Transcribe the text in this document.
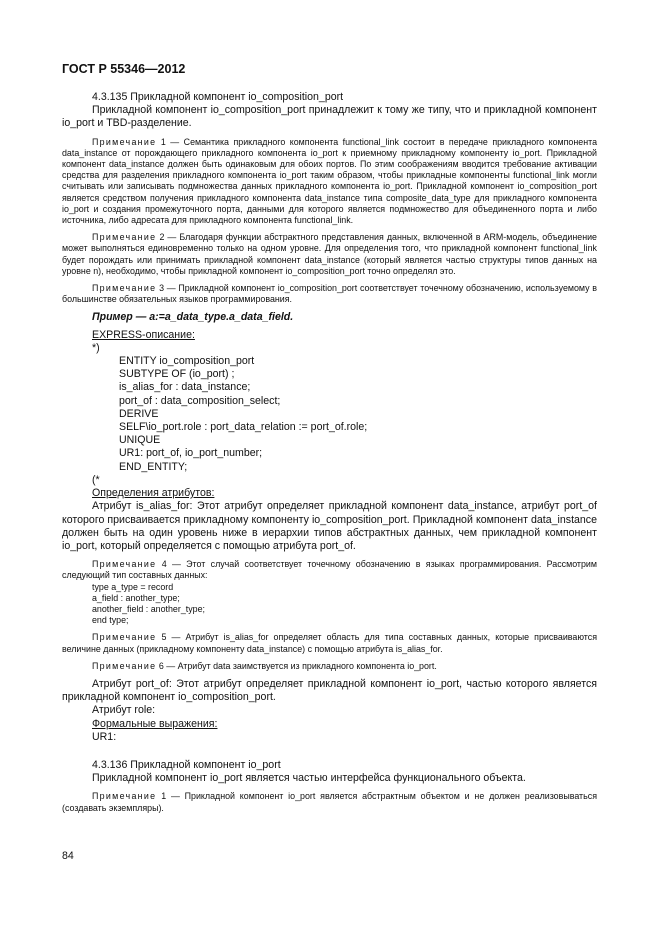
ГОСТ Р 55346—2012

4.3.135 Прикладной компонент io_composition_port

Прикладной компонент io_composition_port принадлежит к тому же типу, что и прикладной компонент io_port и TBD-разделение.

Примечание 1 — Семантика прикладного компонента functional_link состоит в передаче прикладного компонента data_instance от порождающего прикладного компонента io_port к приемному прикладному компоненту io_port. Прикладной компонент data_instance должен быть одинаковым для обоих портов. По этим соображениям вводится требование активации средства для разделения прикладного компонента io_port таким образом, чтобы прикладные компоненты functional_link могли считывать или записывать подмножества данных прикладного компонента io_port. Прикладной компонент io_composition_port является средством получения прикладного компонента data_instance типа composite_data_type для прикладного компонента io_port и создания промежуточного порта, данными для которого является подмножество для объединенного порта и либо источника, либо адресата для прикладного компонента functional_link.

Примечание 2 — Благодаря функции абстрактного представления данных, включенной в ARM-модель, объединение может выполняться единовременно только на одном уровне. Для определения того, что прикладной компонент functional_link будет порождать или принимать прикладной компонент data_instance (который является частью структуры типов данных на уровне n), необходимо, чтобы прикладной компонент io_composition_port точно определял это.

Примечание 3 — Прикладной компонент io_composition_port соответствует точечному обозначению, используемому в большинстве обязательных языков программирования.

Пример — a:=a_data_type.a_data_field.

EXPRESS-описание:

*)

ENTITY io_composition_port

SUBTYPE OF (io_port) ;

is_alias_for : data_instance;

port_of : data_composition_select;

DERIVE

SELF\io_port.role : port_data_relation := port_of.role;

UNIQUE

UR1: port_of, io_port_number;

END_ENTITY;

(*

Определения атрибутов:

Атрибут is_alias_for: Этот атрибут определяет прикладной компонент data_instance, атрибут port_of которого присваивается прикладному компоненту io_composition_port. Прикладной компонент data_instance должен быть на один уровень ниже в иерархии типов абстрактных данных, чем прикладной компонент io_port, который определяется с помощью атрибута port_of.

Примечание 4 — Этот случай соответствует точечному обозначению в языках программирования. Рассмотрим следующий тип составных данных:

type a_type = record

a_field : another_type;

another_field : another_type;

end type;

Примечание 5 — Атрибут is_alias_for определяет область для типа составных данных, которые присваиваются величине данных (прикладному компоненту data_instance) с помощью атрибута is_alias_for.

Примечание 6 — Атрибут data заимствуется из прикладного компонента io_port.

Атрибут port_of: Этот атрибут определяет прикладной компонент io_port, частью которого является прикладной компонент io_composition_port.

Атрибут role:

Формальные выражения:

UR1:

4.3.136 Прикладной компонент io_port

Прикладной компонент io_port является частью интерфейса функционального объекта.

Примечание 1 — Прикладной компонент io_port является абстрактным объектом и не должен реализовываться (создавать экземпляры).

84
